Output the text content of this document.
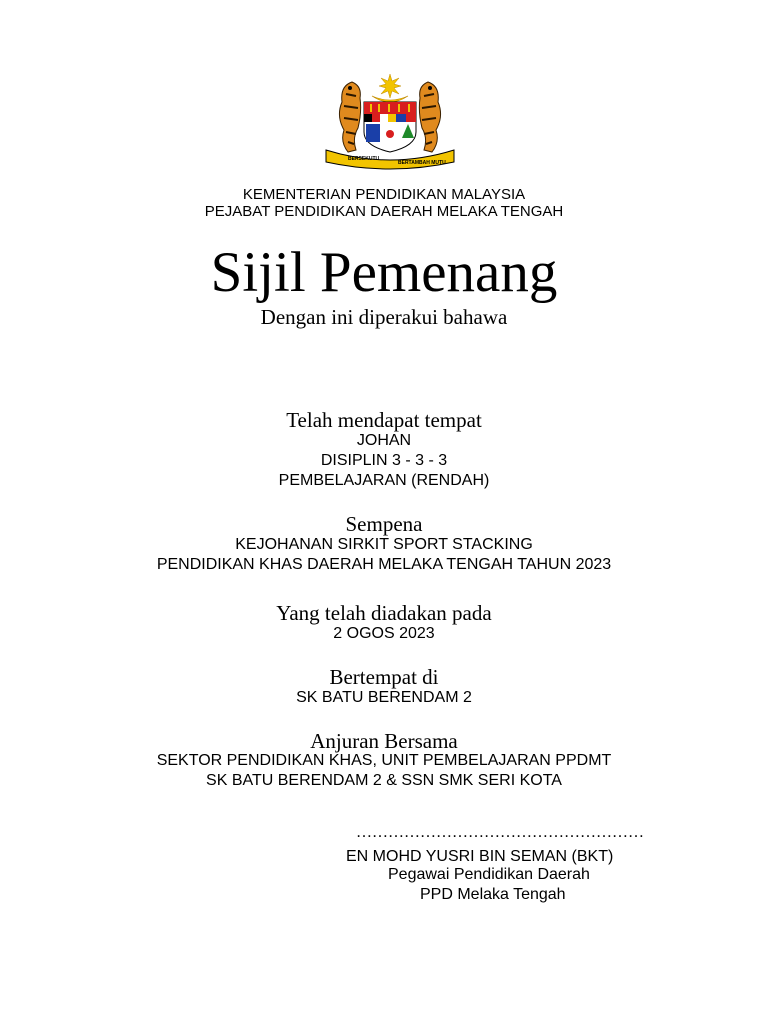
BERSEKUTU
BERTAMBAH MUTU
KEMENTERIAN PENDIDIKAN MALAYSIA
PEJABAT PENDIDIKAN DAERAH MELAKA TENGAH
Sijil Pemenang
Dengan ini diperakui bahawa
Telah mendapat tempat
JOHAN
DISIPLIN 3 - 3 - 3
PEMBELAJARAN (RENDAH)
Sempena
KEJOHANAN SIRKIT SPORT STACKING
PENDIDIKAN KHAS DAERAH MELAKA TENGAH TAHUN 2023
Yang telah diadakan pada
2 OGOS 2023
Bertempat di
SK BATU BERENDAM 2
Anjuran Bersama
SEKTOR PENDIDIKAN KHAS, UNIT PEMBELAJARAN PPDMT
SK BATU BERENDAM 2 & SSN SMK SERI KOTA
………………………………………………
EN MOHD YUSRI BIN SEMAN (BKT)
Pegawai Pendidikan Daerah
PPD Melaka Tengah
